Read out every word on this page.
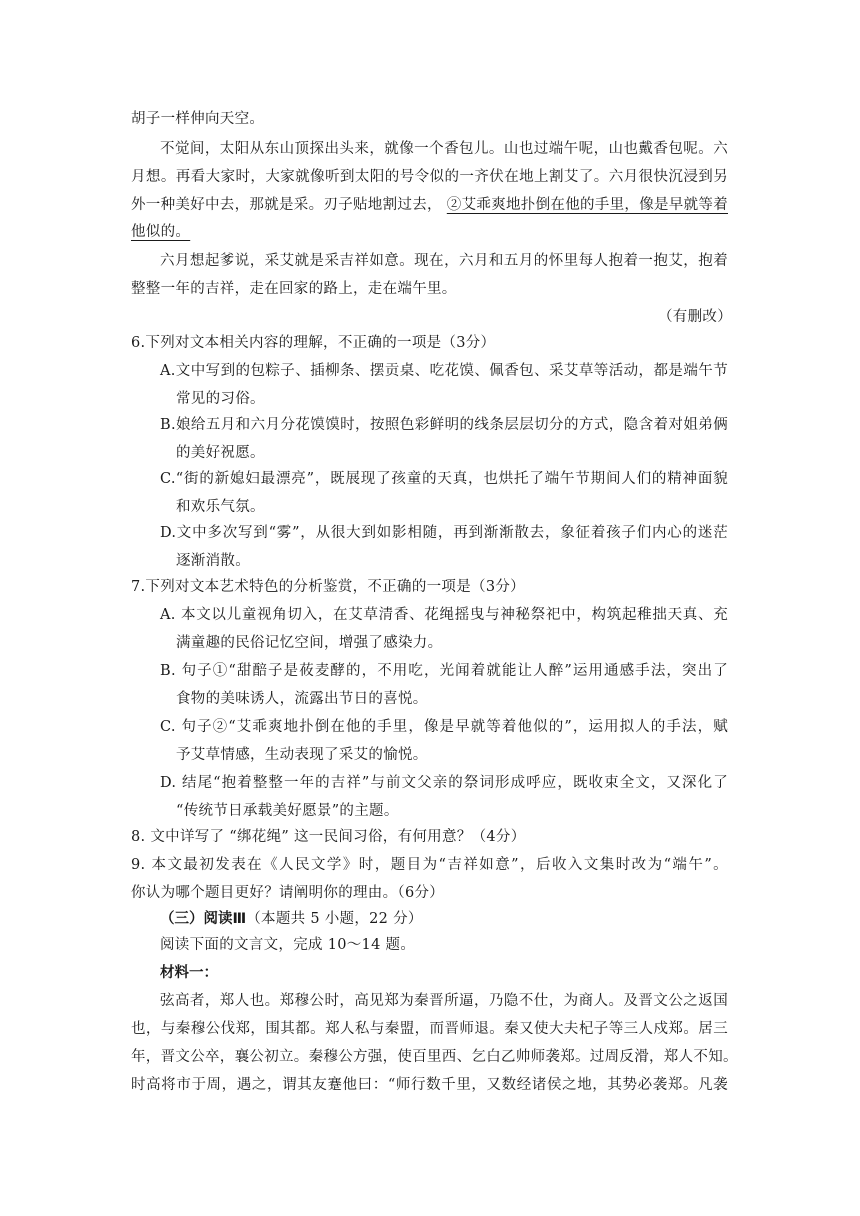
胡子一样伸向天空。
不觉间，太阳从东山顶探出头来，就像一个香包儿。山也过端午呢，山也戴香包呢。六
月想。再看大家时，大家就像听到太阳的号令似的一齐伏在地上割艾了。六月很快沉浸到另
外一种美好中去，那就是采。刃子贴地割过去， ②艾乖爽地扑倒在他的手里，像是早就等着
他似的。
六月想起爹说，采艾就是采吉祥如意。现在，六月和五月的怀里每人抱着一抱艾，抱着
整整一年的吉祥，走在回家的路上，走在端午里。
（有删改）
6.下列对文本相关内容的理解，不正确的一项是（3分）
A.文中写到的包粽子、插柳条、摆贡桌、吃花馍、佩香包、采艾草等活动，都是端午节
常见的习俗。
B.娘给五月和六月分花馍馍时，按照色彩鲜明的线条层层切分的方式，隐含着对姐弟俩
的美好祝愿。
C.“街的新媳妇最漂亮”，既展现了孩童的天真，也烘托了端午节期间人们的精神面貌
和欢乐气氛。
D.文中多次写到“雾”，从很大到如影相随，再到渐渐散去，象征着孩子们内心的迷茫
逐渐消散。
7.下列对文本艺术特色的分析鉴赏，不正确的一项是（3分）
A. 本文以儿童视角切入，在艾草清香、花绳摇曳与神秘祭祀中，构筑起稚拙天真、充
满童趣的民俗记忆空间，增强了感染力。
B. 句子①“甜醅子是莜麦酵的，不用吃，光闻着就能让人醉”运用通感手法，突出了
食物的美味诱人，流露出节日的喜悦。
C. 句子②“艾乖爽地扑倒在他的手里，像是早就等着他似的”，运用拟人的手法，赋
予艾草情感，生动表现了采艾的愉悦。
D. 结尾“抱着整整一年的吉祥”与前文父亲的祭词形成呼应，既收束全文，又深化了
“传统节日承载美好愿景”的主题。
8. 文中详写了 “绑花绳” 这一民间习俗，有何用意？（4分）
9. 本文最初发表在《人民文学》时，题目为“吉祥如意”，后收入文集时改为“端午”。
你认为哪个题目更好？请阐明你的理由。（6分）
（三）阅读Ⅲ（本题共 5 小题，22 分）
阅读下面的文言文，完成 10～14 题。
材料一：
弦高者，郑人也。郑穆公时，高见郑为秦晋所逼，乃隐不仕，为商人。及晋文公之返国
也，与秦穆公伐郑，围其都。郑人私与秦盟，而晋师退。秦又使大夫杞子等三人戍郑。居三
年，晋文公卒，襄公初立。秦穆公方强，使百里西、乞白乙帅师袭郑。过周反滑，郑人不知。
时高将市于周，遇之，谓其友蹇他曰：“师行数千里，又数经诸侯之地，其势必袭郑。凡袭
